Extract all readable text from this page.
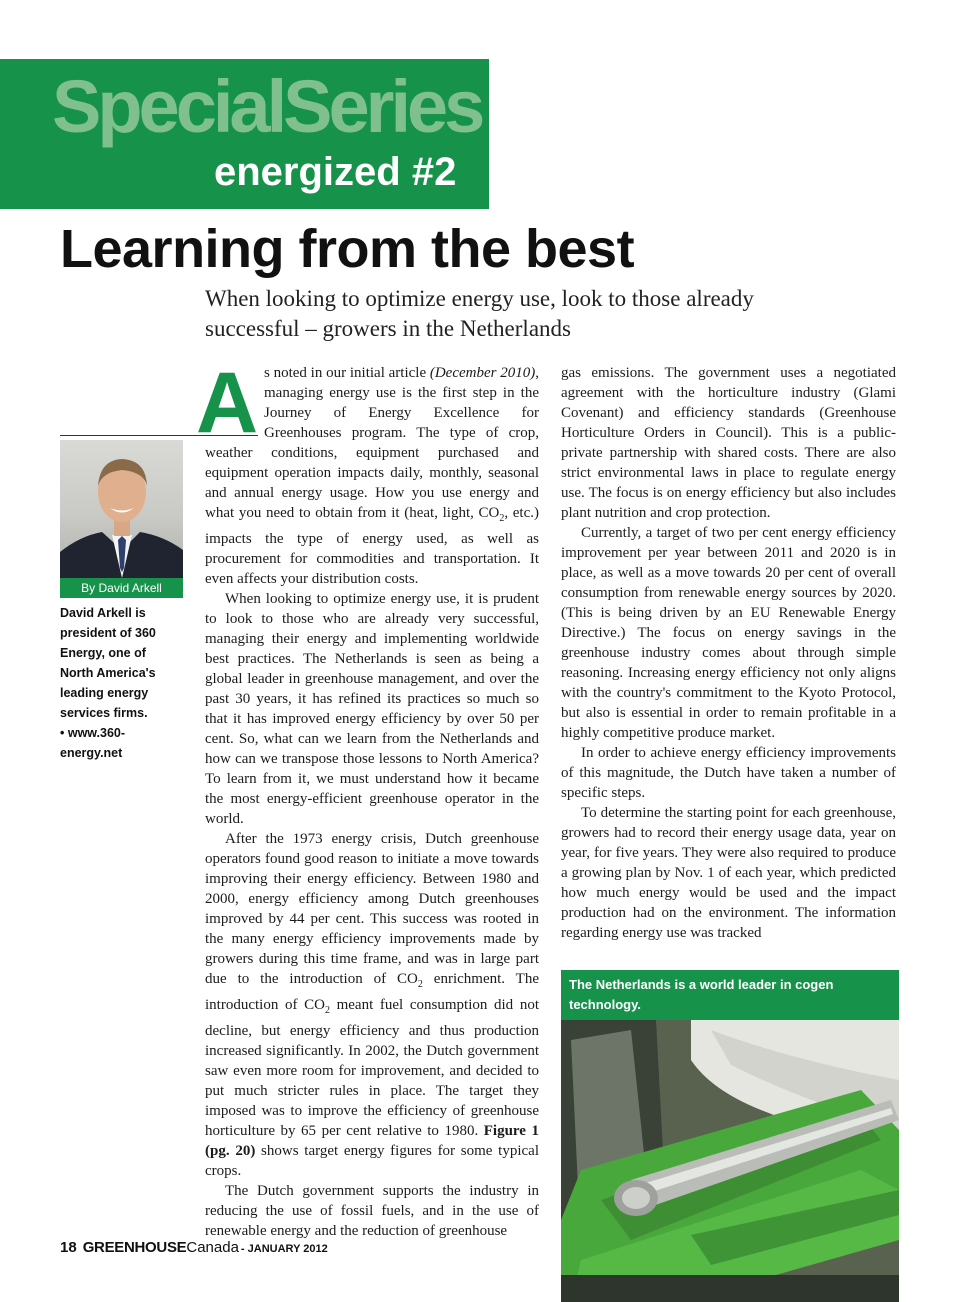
SpecialSeries
energized #2
Learning from the best
When looking to optimize energy use, look to those already successful – growers in the Netherlands
By David Arkell
David Arkell is
president of 360
Energy, one of
North America's
leading energy
services firms.
• www.360-
energy.net

As noted in our initial article (December 2010), managing energy use is the first step in the Journey of Energy Excellence for Greenhouses program. The type of crop, weather conditions, equipment purchased and equipment operation impacts daily, monthly, seasonal and annual energy usage. How you use energy and what you need to obtain from it (heat, light, $CO_2$, etc.) impacts the type of energy used, as well as procurement for commodities and transportation. It even affects your distribution costs.

When looking to optimize energy use, it is prudent to look to those who are already very successful, managing their energy and implementing worldwide best practices. The Netherlands is seen as being a global leader in greenhouse management, and over the past 30 years, it has refined its practices so much so that it has improved energy efficiency by over 50 per cent. So, what can we learn from the Netherlands and how can we transpose those lessons to North America? To learn from it, we must understand how it became the most energy-efficient greenhouse operator in the world.

After the 1973 energy crisis, Dutch greenhouse operators found good reason to initiate a move towards improving their energy efficiency. Between 1980 and 2000, energy efficiency among Dutch greenhouses improved by 44 per cent. This success was rooted in the many energy efficiency improvements made by growers during this time frame, and was in large part due to the introduction of $CO_2$ enrichment. The introduction of $CO_2$ meant fuel consumption did not decline, but energy efficiency and thus production increased significantly. In 2002, the Dutch government saw even more room for improvement, and decided to put much stricter rules in place. The target they imposed was to improve the efficiency of greenhouse horticulture by 65 per cent relative to 1980. Figure 1 (pg. 20) shows target energy figures for some typical crops.

The Dutch government supports the industry in reducing the use of fossil fuels, and in the use of renewable energy and the reduction of greenhouse

gas emissions. The government uses a negotiated agreement with the horticulture industry (Glami Covenant) and efficiency standards (Greenhouse Horticulture Orders in Council). This is a public-private partnership with shared costs. There are also strict environmental laws in place to regulate energy use. The focus is on energy efficiency but also includes plant nutrition and crop protection.

Currently, a target of two per cent energy efficiency improvement per year between 2011 and 2020 is in place, as well as a move towards 20 per cent of overall consumption from renewable energy sources by 2020. (This is being driven by an EU Renewable Energy Directive.) The focus on energy savings in the greenhouse industry comes about through simple reasoning. Increasing energy efficiency not only aligns with the country's commitment to the Kyoto Protocol, but also is essential in order to remain profitable in a highly competitive produce market.

In order to achieve energy efficiency improvements of this magnitude, the Dutch have taken a number of specific steps.

To determine the starting point for each greenhouse, growers had to record their energy usage data, year on year, for five years. They were also required to produce a growing plan by Nov. 1 of each year, which predicted how much energy would be used and the impact production had on the environment. The information regarding energy use was tracked

The Netherlands is a world leader in cogen technology.
18 GREENHOUSECanada - JANUARY 2012
